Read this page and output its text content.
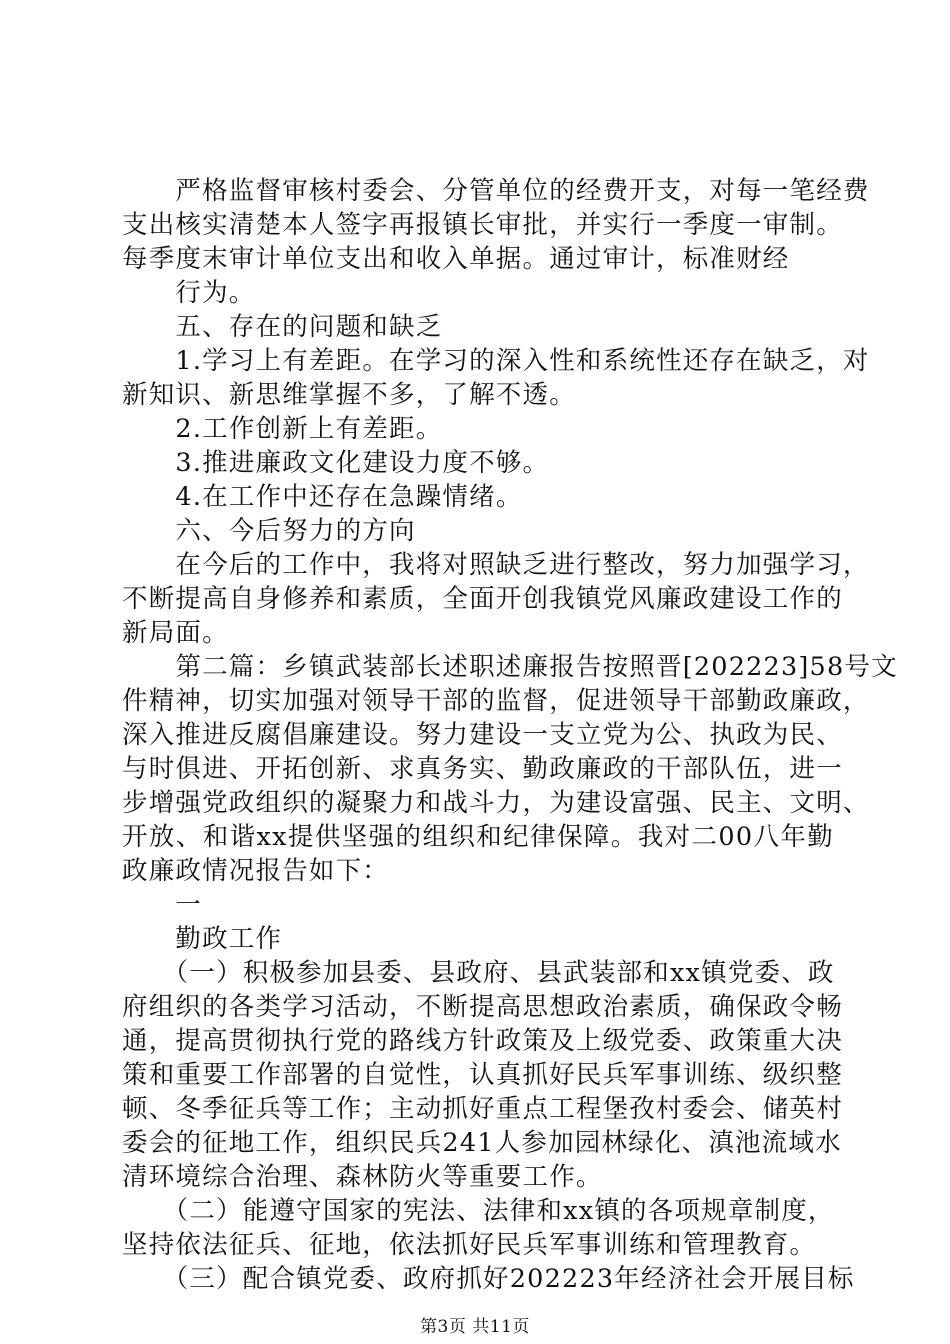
　　严格监督审核村委会、分管单位的经费开支，对每一笔经费
支出核实清楚本人签字再报镇长审批，并实行一季度一审制。
每季度末审计单位支出和收入单据。通过审计，标准财经
　　行为。
　　五、存在的问题和缺乏
　　1.学习上有差距。在学习的深入性和系统性还存在缺乏，对
新知识、新思维掌握不多，了解不透。
　　2.工作创新上有差距。
　　3.推进廉政文化建设力度不够。
　　4.在工作中还存在急躁情绪。
　　六、今后努力的方向
　　在今后的工作中，我将对照缺乏进行整改，努力加强学习，
不断提高自身修养和素质，全面开创我镇党风廉政建设工作的
新局面。
　　第二篇：乡镇武装部长述职述廉报告按照晋[202223]58号文
件精神，切实加强对领导干部的监督，促进领导干部勤政廉政，
深入推进反腐倡廉建设。努力建设一支立党为公、执政为民、
与时俱进、开拓创新、求真务实、勤政廉政的干部队伍，进一
步增强党政组织的凝聚力和战斗力，为建设富强、民主、文明、
开放、和谐xx提供坚强的组织和纪律保障。我对二00八年勤
政廉政情况报告如下：
　　一
　　勤政工作
　　（一）积极参加县委、县政府、县武装部和xx镇党委、政
府组织的各类学习活动，不断提高思想政治素质，确保政令畅
通，提高贯彻执行党的路线方针政策及上级党委、政策重大决
策和重要工作部署的自觉性，认真抓好民兵军事训练、级织整
顿、冬季征兵等工作；主动抓好重点工程堡孜村委会、储英村
委会的征地工作，组织民兵241人参加园林绿化、滇池流域水
清环境综合治理、森林防火等重要工作。
　　（二）能遵守国家的宪法、法律和xx镇的各项规章制度，
坚持依法征兵、征地，依法抓好民兵军事训练和管理教育。
　　（三）配合镇党委、政府抓好202223年经济社会开展目标
第3页 共11页
